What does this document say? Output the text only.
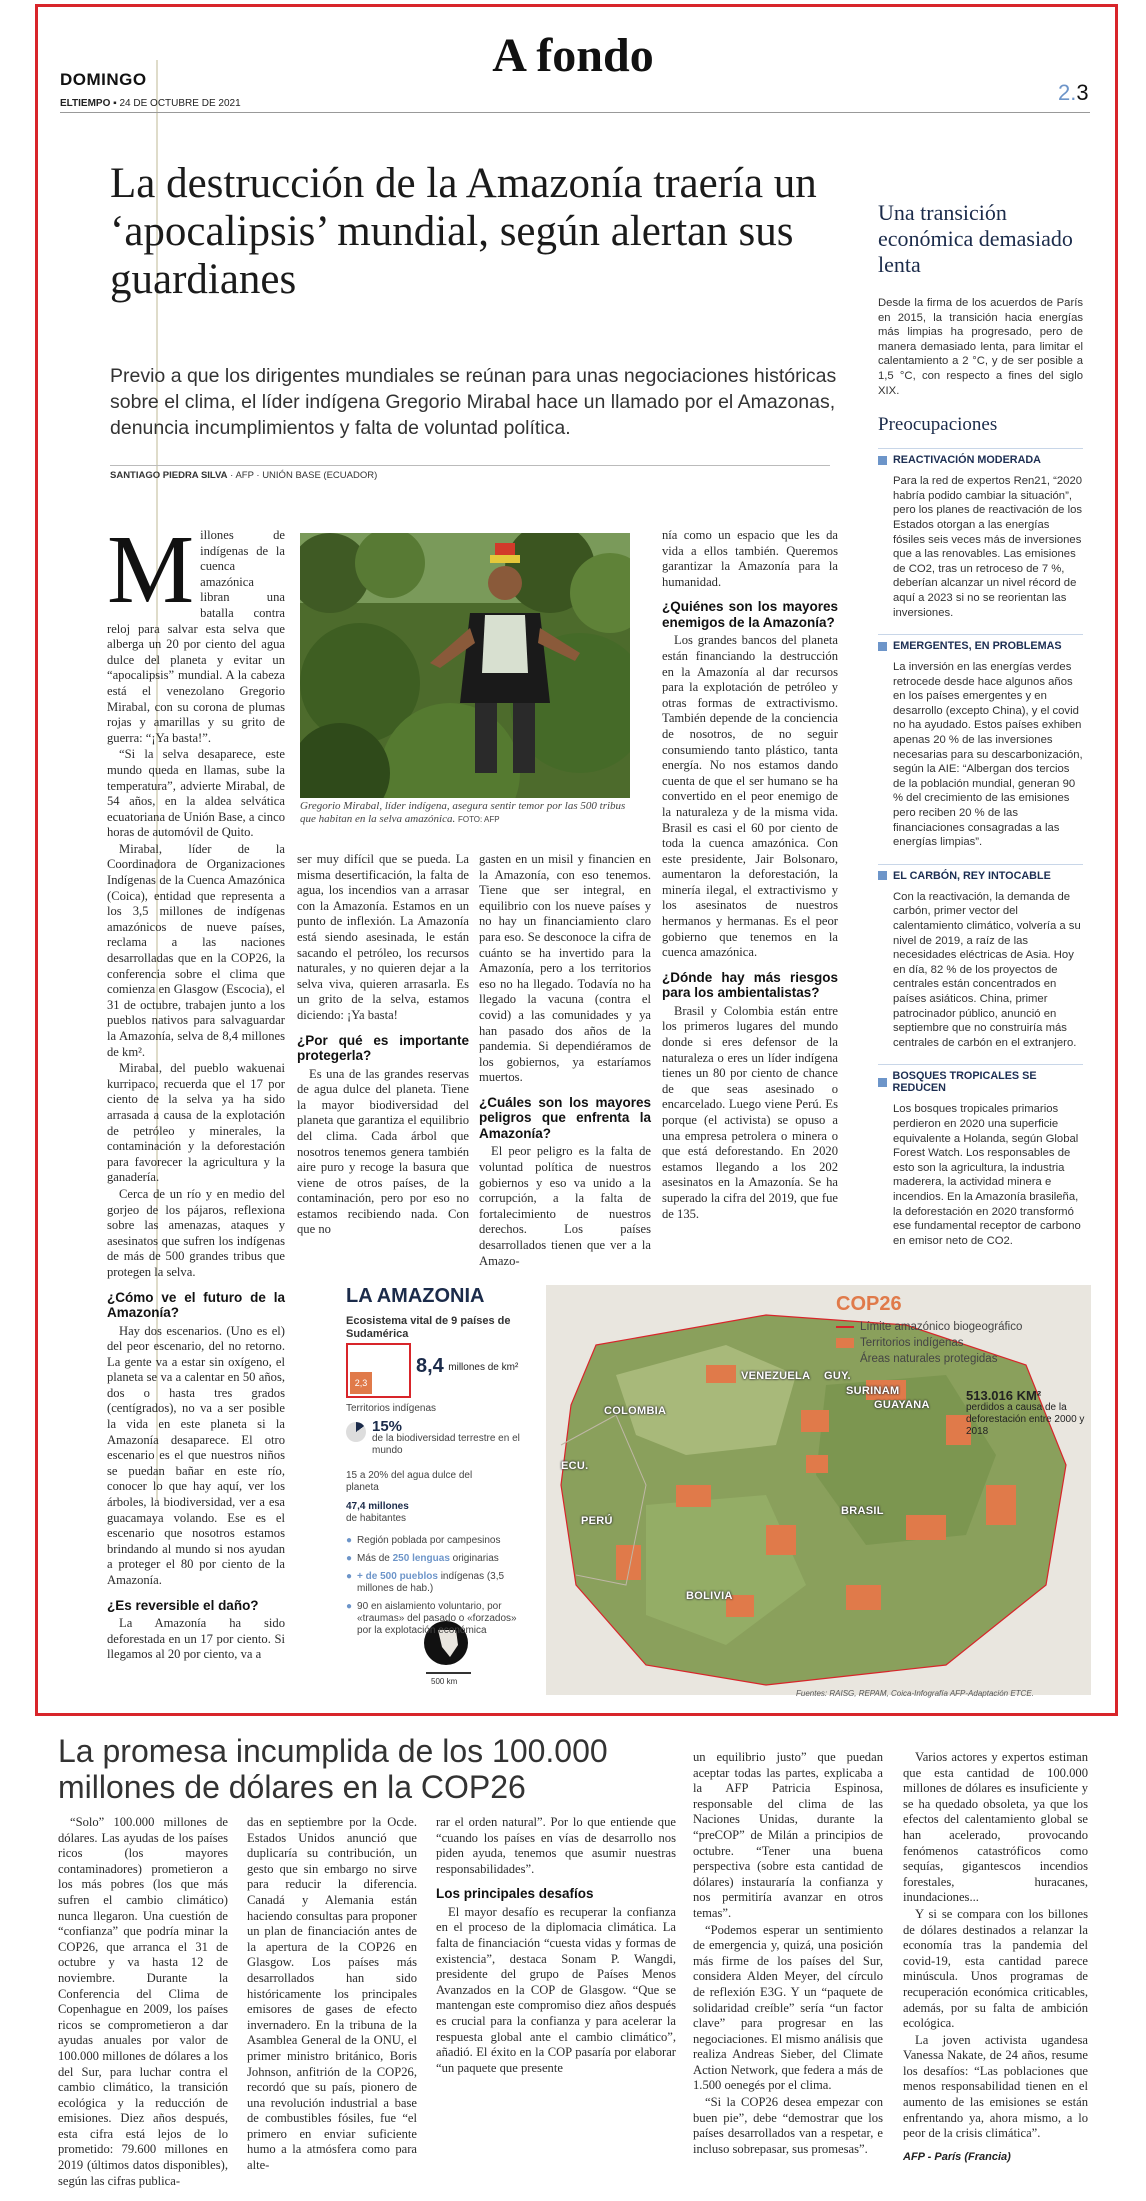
DOMINGO
ELTIEMPO ▪ 24 DE OCTUBRE DE 2021
A fondo
2.3
La destrucción de la Amazonía traería un ‘apocalipsis’ mundial, según alertan sus guardianes
Previo a que los dirigentes mundiales se reúnan para unas negociaciones históricas sobre el clima, el líder indígena Gregorio Mirabal hace un llamado por el Amazonas, denuncia incumplimientos y falta de voluntad política.
SANTIAGO PIEDRA SILVA · AFP · UNIÓN BASE (ECUADOR)
Gregorio Mirabal, líder indígena, asegura sentir temor por las 500 tribus que habitan en la selva amazónica. FOTO: AFP
M illones de indígenas de la cuenca amazónica libran una batalla contra reloj para salvar esta selva que alberga un 20 por ciento del agua dulce del planeta y evitar un “apocalipsis” mundial. A la cabeza está el venezolano Gregorio Mirabal, con su corona de plumas rojas y amarillas y su grito de guerra: “¡Ya basta!”.

“Si la selva desaparece, este mundo queda en llamas, sube la temperatura”, advierte Mirabal, de 54 años, en la aldea selvática ecuatoriana de Unión Base, a cinco horas de automóvil de Quito.

Mirabal, líder de la Coordinadora de Organizaciones Indígenas de la Cuenca Amazónica (Coica), entidad que representa a los 3,5 millones de indígenas amazónicos de nueve países, reclama a las naciones desarrolladas que en la COP26, la conferencia sobre el clima que comienza en Glasgow (Escocia), el 31 de octubre, trabajen junto a los pueblos nativos para salvaguardar la Amazonía, selva de 8,4 millones de km².

Mirabal, del pueblo wakuenai kurripaco, recuerda que el 17 por ciento de la selva ya ha sido arrasada a causa de la explotación de petróleo y minerales, la contaminación y la deforestación para favorecer la agricultura y la ganadería.

Cerca de un río y en medio del gorjeo de los pájaros, reflexiona sobre las amenazas, ataques y asesinatos que sufren los indígenas de más de 500 grandes tribus que protegen la selva.

¿Cómo ve el futuro de la Amazonía?

Hay dos escenarios. (Uno es el) del peor escenario, del no retorno. La gente va a estar sin oxígeno, el planeta se va a calentar en 50 años, dos o hasta tres grados (centígrados), no va a ser posible la vida en este planeta si la Amazonía desaparece. El otro escenario es el que nuestros niños se puedan bañar en este río, conocer lo que hay aquí, ver los árboles, la biodiversidad, ver a esa guacamaya volando. Ese es el escenario que nosotros estamos brindando al mundo si nos ayudan a proteger el 80 por ciento de la Amazonía.

¿Es reversible el daño?

La Amazonía ha sido deforestada en un 17 por ciento. Si llegamos al 20 por ciento, va a

ser muy difícil que se pueda. La misma desertificación, la falta de agua, los incendios van a arrasar con la Amazonía. Estamos en un punto de inflexión. La Amazonía está siendo asesinada, le están sacando el petróleo, los recursos naturales, y no quieren dejar a la selva viva, quieren arrasarla. Es un grito de la selva, estamos diciendo: ¡Ya basta!

¿Por qué es importante protegerla?

Es una de las grandes reservas de agua dulce del planeta. Tiene la mayor biodiversidad del planeta que garantiza el equilibrio del clima. Cada árbol que nosotros tenemos genera también aire puro y recoge la basura que viene de otros países, de la contaminación, pero por eso no estamos recibiendo nada. Con que no

gasten en un misil y financien en la Amazonía, con eso tenemos. Tiene que ser integral, en equilibrio con los nueve países y no hay un financiamiento claro para eso. Se desconoce la cifra de cuánto se ha invertido para la Amazonía, pero a los territorios eso no ha llegado. Todavía no ha llegado la vacuna (contra el covid) a las comunidades y ya han pasado dos años de la pandemia. Si dependiéramos de los gobiernos, ya estaríamos muertos.

¿Cuáles son los mayores peligros que enfrenta la Amazonía?

El peor peligro es la falta de voluntad política de nuestros gobiernos y eso va unido a la corrupción, a la falta de fortalecimiento de nuestros derechos. Los países desarrollados tienen que ver a la Amazo-

nía como un espacio que les da vida a ellos también. Queremos garantizar la Amazonía para la humanidad.

¿Quiénes son los mayores enemigos de la Amazonía?

Los grandes bancos del planeta están financiando la destrucción en la Amazonía al dar recursos para la explotación de petróleo y otras formas de extractivismo. También depende de la conciencia de nosotros, de no seguir consumiendo tanto plástico, tanta energía. No nos estamos dando cuenta de que el ser humano se ha convertido en el peor enemigo de la naturaleza y de la misma vida. Brasil es casi el 60 por ciento de toda la cuenca amazónica. Con este presidente, Jair Bolsonaro, aumentaron la deforestación, la minería ilegal, el extractivismo y los asesinatos de nuestros hermanos y hermanas. Es el peor gobierno que tenemos en la cuenca amazónica.

¿Dónde hay más riesgos para los ambientalistas?

Brasil y Colombia están entre los primeros lugares del mundo donde si eres defensor de la naturaleza o eres un líder indígena tienes un 80 por ciento de chance de que seas asesinado o encarcelado. Luego viene Perú. Es porque (el activista) se opuso a una empresa petrolera o minera o que está deforestando. En 2020 estamos llegando a los 202 asesinatos en la Amazonía. Se ha superado la cifra del 2019, que fue de 135.

Una transición económica demasiado lenta
Desde la firma de los acuerdos de París en 2015, la transición hacia energías más limpias ha progresado, pero de manera demasiado lenta, para limitar el calentamiento a 2 °C, y de ser posible a 1,5 °C, con respecto a fines del siglo XIX.
Preocupaciones
REACTIVACIÓN MODERADA
Para la red de expertos Ren21, “2020 habría podido cambiar la situación”, pero los planes de reactivación de los Estados otorgan a las energías fósiles seis veces más de inversiones que a las renovables. Las emisiones de CO2, tras un retroceso de 7 %, deberían alcanzar un nivel récord de aquí a 2023 si no se reorientan las inversiones.
EMERGENTES, EN PROBLEMAS
La inversión en las energías verdes retrocede desde hace algunos años en los países emergentes y en desarrollo (excepto China), y el covid no ha ayudado. Estos países exhiben apenas 20 % de las inversiones necesarias para su descarbonización, según la AIE: “Albergan dos tercios de la población mundial, generan 90 % del crecimiento de las emisiones pero reciben 20 % de las financiaciones consagradas a las energías limpias”.
EL CARBÓN, REY INTOCABLE
Con la reactivación, la demanda de carbón, primer vector del calentamiento climático, volvería a su nivel de 2019, a raíz de las necesidades eléctricas de Asia. Hoy en día, 82 % de los proyectos de centrales están concentrados en países asiáticos. China, primer patrocinador público, anunció en septiembre que no construiría más centrales de carbón en el extranjero.
BOSQUES TROPICALES SE REDUCEN
Los bosques tropicales primarios perdieron en 2020 una superficie equivalente a Holanda, según Global Forest Watch. Los responsables de esto son la agricultura, la industria maderera, la actividad minera e incendios. En la Amazonía brasileña, la deforestación en 2020 transformó ese fundamental receptor de carbono en emisor neto de CO2.
LA AMAZONIA
Ecosistema vital de 9 países de Sudamérica
2,3
8,4 millones de km²
Territorios indígenas
15%
de la biodiversidad terrestre en el mundo
15 a 20% del agua dulce del planeta
47,4 millones
de habitantes
● Región poblada por campesinos
● Más de 250 lenguas originarias
● + de 500 pueblos indígenas (3,5 millones de hab.)
● 90 en aislamiento voluntario, por «traumas» del pasado o «forzados» por la explotación económica
500 km
COP26
Límite amazónico biogeográfico
Territorios indígenas
Áreas naturales protegidas
513.016 KM²
perdidos a causa de la deforestación entre 2000 y 2018
VENEZUELA GUY.
SURINAM
GUAYANA
COLOMBIA
ECU.
PERÚ
BRASIL
BOLIVIA
Fuentes: RAISG, REPAM, Coica-Infografía AFP-Adaptación ETCE.
La promesa incumplida de los 100.000 millones de dólares en la COP26

“Solo” 100.000 millones de dólares. Las ayudas de los países ricos (los mayores contaminadores) prometieron a los más pobres (los que más sufren el cambio climático) nunca llegaron. Una cuestión de “confianza” que podría minar la COP26, que arranca el 31 de octubre y va hasta 12 de noviembre. Durante la Conferencia del Clima de Copenhague en 2009, los países ricos se comprometieron a dar ayudas anuales por valor de 100.000 millones de dólares a los del Sur, para luchar contra el cambio climático, la transición ecológica y la reducción de emisiones. Diez años después, esta cifra está lejos de lo prometido: 79.600 millones en 2019 (últimos datos disponibles), según las cifras publica-

das en septiembre por la Ocde. Estados Unidos anunció que duplicaría su contribución, un gesto que sin embargo no sirve para reducir la diferencia. Canadá y Alemania están haciendo consultas para proponer un plan de financiación antes de la apertura de la COP26 en Glasgow. Los países más desarrollados han sido históricamente los principales emisores de gases de efecto invernadero. En la tribuna de la Asamblea General de la ONU, el primer ministro británico, Boris Johnson, anfitrión de la COP26, recordó que su país, pionero de una revolución industrial a base de combustibles fósiles, fue “el primero en enviar suficiente humo a la atmósfera como para alte-

rar el orden natural”. Por lo que entiende que “cuando los países en vías de desarrollo nos piden ayuda, tenemos que asumir nuestras responsabilidades”.

Los principales desafíos

El mayor desafío es recuperar la confianza en el proceso de la diplomacia climática. La falta de financiación “cuesta vidas y formas de existencia”, destaca Sonam P. Wangdi, presidente del grupo de Países Menos Avanzados en la COP de Glasgow. “Que se mantengan este compromiso diez años después es crucial para la confianza y para acelerar la respuesta global ante el cambio climático”, añadió. El éxito en la COP pasaría por elaborar “un paquete que presente

un equilibrio justo” que puedan aceptar todas las partes, explicaba a la AFP Patricia Espinosa, responsable del clima de las Naciones Unidas, durante la “preCOP” de Milán a principios de octubre. “Tener una buena perspectiva (sobre esta cantidad de dólares) instauraría la confianza y nos permitiría avanzar en otros temas”.

“Podemos esperar un sentimiento de emergencia y, quizá, una posición más firme de los países del Sur, considera Alden Meyer, del círculo de reflexión E3G. Y un “paquete de solidaridad creíble” sería “un factor clave” para progresar en las negociaciones. El mismo análisis que realiza Andreas Sieber, del Climate Action Network, que federa a más de 1.500 oenegés por el clima.

“Si la COP26 desea empezar con buen pie”, debe “demostrar que los países desarrollados van a respetar, e incluso sobrepasar, sus promesas”.

Varios actores y expertos estiman que esta cantidad de 100.000 millones de dólares es insuficiente y se ha quedado obsoleta, ya que los efectos del calentamiento global se han acelerado, provocando fenómenos catastróficos como sequías, gigantescos incendios forestales, huracanes, inundaciones...

Y si se compara con los billones de dólares destinados a relanzar la economía tras la pandemia del covid-19, esta cantidad parece minúscula. Unos programas de recuperación económica criticables, además, por su falta de ambición ecológica.

La joven activista ugandesa Vanessa Nakate, de 24 años, resume los desafíos: “Las poblaciones que menos responsabilidad tienen en el aumento de las emisiones se están enfrentando ya, ahora mismo, a lo peor de la crisis climática”.

AFP - París (Francia)
